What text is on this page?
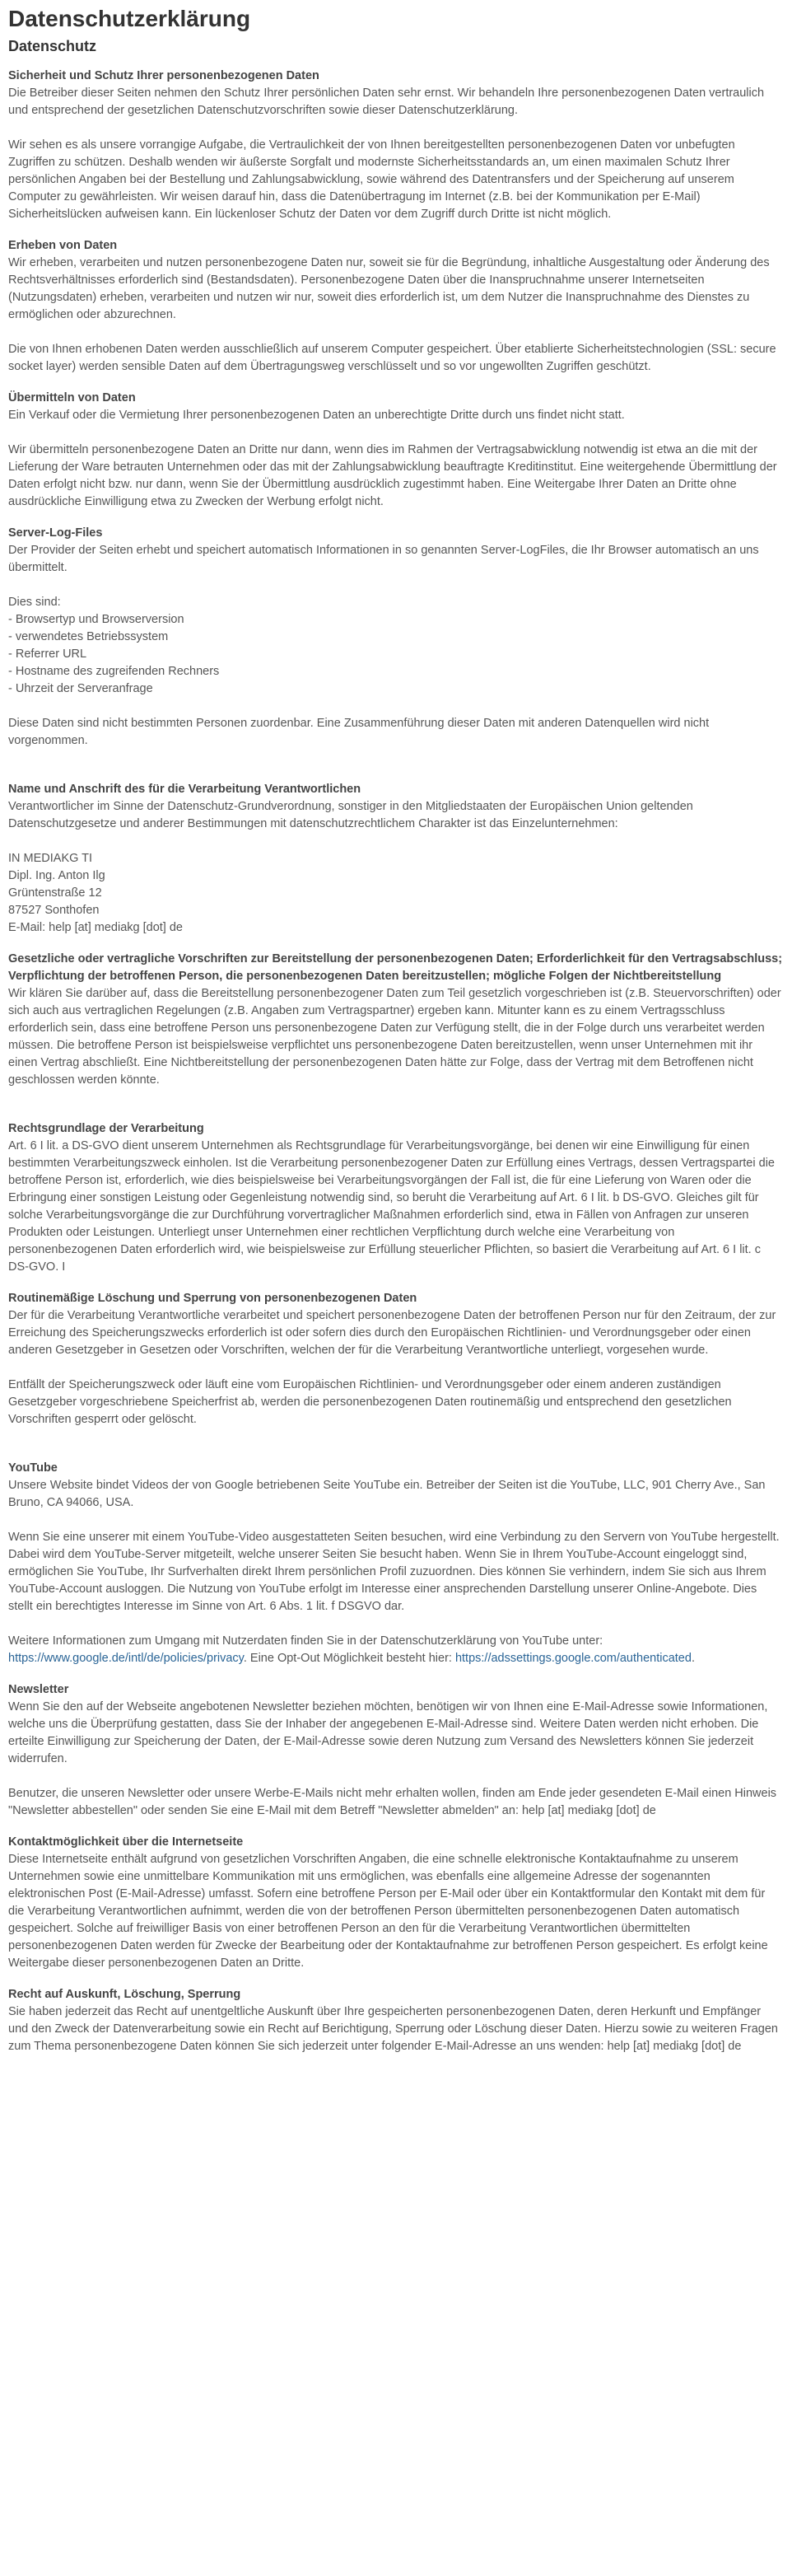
Datenschutzerklärung
Datenschutz
Sicherheit und Schutz Ihrer personenbezogenen Daten

Die Betreiber dieser Seiten nehmen den Schutz Ihrer persönlichen Daten sehr ernst. Wir behandeln Ihre personenbezogenen Daten vertraulich und entsprechend der gesetzlichen Datenschutzvorschriften sowie dieser Datenschutzerklärung.

Wir sehen es als unsere vorrangige Aufgabe, die Vertraulichkeit der von Ihnen bereitgestellten personenbezogenen Daten vor unbefugten Zugriffen zu schützen. Deshalb wenden wir äußerste Sorgfalt und modernste Sicherheitsstandards an, um einen maximalen Schutz Ihrer persönlichen Angaben bei der Bestellung und Zahlungsabwicklung, sowie während des Datentransfers und der Speicherung auf unserem Computer zu gewährleisten. Wir weisen darauf hin, dass die Datenübertragung im Internet (z.B. bei der Kommunikation per E-Mail) Sicherheitslücken aufweisen kann. Ein lückenloser Schutz der Daten vor dem Zugriff durch Dritte ist nicht möglich.

Erheben von Daten

Wir erheben, verarbeiten und nutzen personenbezogene Daten nur, soweit sie für die Begründung, inhaltliche Ausgestaltung oder Änderung des Rechtsverhältnisses erforderlich sind (Bestandsdaten). Personenbezogene Daten über die Inanspruchnahme unserer Internetseiten (Nutzungsdaten) erheben, verarbeiten und nutzen wir nur, soweit dies erforderlich ist, um dem Nutzer die Inanspruchnahme des Dienstes zu ermöglichen oder abzurechnen.

Die von Ihnen erhobenen Daten werden ausschließlich auf unserem Computer gespeichert. Über etablierte Sicherheitstechnologien (SSL: secure socket layer) werden sensible Daten auf dem Übertragungsweg verschlüsselt und so vor ungewollten Zugriffen geschützt.

Übermitteln von Daten

Ein Verkauf oder die Vermietung Ihrer personenbezogenen Daten an unberechtigte Dritte durch uns findet nicht statt.

Wir übermitteln personenbezogene Daten an Dritte nur dann, wenn dies im Rahmen der Vertragsabwicklung notwendig ist etwa an die mit der Lieferung der Ware betrauten Unternehmen oder das mit der Zahlungsabwicklung beauftragte Kreditinstitut. Eine weitergehende Übermittlung der Daten erfolgt nicht bzw. nur dann, wenn Sie der Übermittlung ausdrücklich zugestimmt haben. Eine Weitergabe Ihrer Daten an Dritte ohne ausdrückliche Einwilligung etwa zu Zwecken der Werbung erfolgt nicht.

Server-Log-Files

Der Provider der Seiten erhebt und speichert automatisch Informationen in so genannten Server-LogFiles, die Ihr Browser automatisch an uns übermittelt.

Dies sind:
- Browsertyp und Browserversion
- verwendetes Betriebssystem
- Referrer URL
- Hostname des zugreifenden Rechners
- Uhrzeit der Serveranfrage

Diese Daten sind nicht bestimmten Personen zuordenbar. Eine Zusammenführung dieser Daten mit anderen Datenquellen wird nicht vorgenommen.

Name und Anschrift des für die Verarbeitung Verantwortlichen

Verantwortlicher im Sinne der Datenschutz-Grundverordnung, sonstiger in den Mitgliedstaaten der Europäischen Union geltenden Datenschutzgesetze und anderer Bestimmungen mit datenschutzrechtlichem Charakter ist das Einzelunternehmen:

IN MEDIAKG TI
Dipl. Ing. Anton Ilg
Grüntenstraße 12
87527 Sonthofen
E-Mail: help [at] mediakg [dot] de

Gesetzliche oder vertragliche Vorschriften zur Bereitstellung der personenbezogenen Daten; Erforderlichkeit für den Vertragsabschluss; Verpflichtung der betroffenen Person, die personenbezogenen Daten bereitzustellen; mögliche Folgen der Nichtbereitstellung

Wir klären Sie darüber auf, dass die Bereitstellung personenbezogener Daten zum Teil gesetzlich vorgeschrieben ist (z.B. Steuervorschriften) oder sich auch aus vertraglichen Regelungen (z.B. Angaben zum Vertragspartner) ergeben kann. Mitunter kann es zu einem Vertragsschluss erforderlich sein, dass eine betroffene Person uns personenbezogene Daten zur Verfügung stellt, die in der Folge durch uns verarbeitet werden müssen. Die betroffene Person ist beispielsweise verpflichtet uns personenbezogene Daten bereitzustellen, wenn unser Unternehmen mit ihr einen Vertrag abschließt. Eine Nichtbereitstellung der personenbezogenen Daten hätte zur Folge, dass der Vertrag mit dem Betroffenen nicht geschlossen werden könnte.

Rechtsgrundlage der Verarbeitung

Art. 6 I lit. a DS-GVO dient unserem Unternehmen als Rechtsgrundlage für Verarbeitungsvorgänge, bei denen wir eine Einwilligung für einen bestimmten Verarbeitungszweck einholen. Ist die Verarbeitung personenbezogener Daten zur Erfüllung eines Vertrags, dessen Vertragspartei die betroffene Person ist, erforderlich, wie dies beispielsweise bei Verarbeitungsvorgängen der Fall ist, die für eine Lieferung von Waren oder die Erbringung einer sonstigen Leistung oder Gegenleistung notwendig sind, so beruht die Verarbeitung auf Art. 6 I lit. b DS-GVO. Gleiches gilt für solche Verarbeitungsvorgänge die zur Durchführung vorvertraglicher Maßnahmen erforderlich sind, etwa in Fällen von Anfragen zur unseren Produkten oder Leistungen. Unterliegt unser Unternehmen einer rechtlichen Verpflichtung durch welche eine Verarbeitung von personenbezogenen Daten erforderlich wird, wie beispielsweise zur Erfüllung steuerlicher Pflichten, so basiert die Verarbeitung auf Art. 6 I lit. c DS-GVO. I

Routinemäßige Löschung und Sperrung von personenbezogenen Daten

Der für die Verarbeitung Verantwortliche verarbeitet und speichert personenbezogene Daten der betroffenen Person nur für den Zeitraum, der zur Erreichung des Speicherungszwecks erforderlich ist oder sofern dies durch den Europäischen Richtlinien- und Verordnungsgeber oder einen anderen Gesetzgeber in Gesetzen oder Vorschriften, welchen der für die Verarbeitung Verantwortliche unterliegt, vorgesehen wurde.

Entfällt der Speicherungszweck oder läuft eine vom Europäischen Richtlinien- und Verordnungsgeber oder einem anderen zuständigen Gesetzgeber vorgeschriebene Speicherfrist ab, werden die personenbezogenen Daten routinemäßig und entsprechend den gesetzlichen Vorschriften gesperrt oder gelöscht.

YouTube

Unsere Website bindet Videos der von Google betriebenen Seite YouTube ein. Betreiber der Seiten ist die YouTube, LLC, 901 Cherry Ave., San Bruno, CA 94066, USA.

Wenn Sie eine unserer mit einem YouTube-Video ausgestatteten Seiten besuchen, wird eine Verbindung zu den Servern von YouTube hergestellt. Dabei wird dem YouTube-Server mitgeteilt, welche unserer Seiten Sie besucht haben. Wenn Sie in Ihrem YouTube-Account eingeloggt sind, ermöglichen Sie YouTube, Ihr Surfverhalten direkt Ihrem persönlichen Profil zuzuordnen. Dies können Sie verhindern, indem Sie sich aus Ihrem YouTube-Account ausloggen. Die Nutzung von YouTube erfolgt im Interesse einer ansprechenden Darstellung unserer Online-Angebote. Dies stellt ein berechtigtes Interesse im Sinne von Art. 6 Abs. 1 lit. f DSGVO dar.

Weitere Informationen zum Umgang mit Nutzerdaten finden Sie in der Datenschutzerklärung von YouTube unter:
https://www.google.de/intl/de/policies/privacy. Eine Opt-Out Möglichkeit besteht hier: https://adssettings.google.com/authenticated.

Newsletter

Wenn Sie den auf der Webseite angebotenen Newsletter beziehen möchten, benötigen wir von Ihnen eine E-Mail-Adresse sowie Informationen, welche uns die Überprüfung gestatten, dass Sie der Inhaber der angegebenen E-Mail-Adresse sind. Weitere Daten werden nicht erhoben. Die erteilte Einwilligung zur Speicherung der Daten, der E-Mail-Adresse sowie deren Nutzung zum Versand des Newsletters können Sie jederzeit widerrufen.

Benutzer, die unseren Newsletter oder unsere Werbe-E-Mails nicht mehr erhalten wollen, finden am Ende jeder gesendeten E-Mail einen Hinweis "Newsletter abbestellen" oder senden Sie eine E-Mail mit dem Betreff "Newsletter abmelden" an: help [at] mediakg [dot] de

Kontaktmöglichkeit über die Internetseite

Diese Internetseite enthält aufgrund von gesetzlichen Vorschriften Angaben, die eine schnelle elektronische Kontaktaufnahme zu unserem Unternehmen sowie eine unmittelbare Kommunikation mit uns ermöglichen, was ebenfalls eine allgemeine Adresse der sogenannten elektronischen Post (E-Mail-Adresse) umfasst. Sofern eine betroffene Person per E-Mail oder über ein Kontaktformular den Kontakt mit dem für die Verarbeitung Verantwortlichen aufnimmt, werden die von der betroffenen Person übermittelten personenbezogenen Daten automatisch gespeichert. Solche auf freiwilliger Basis von einer betroffenen Person an den für die Verarbeitung Verantwortlichen übermittelten personenbezogenen Daten werden für Zwecke der Bearbeitung oder der Kontaktaufnahme zur betroffenen Person gespeichert. Es erfolgt keine Weitergabe dieser personenbezogenen Daten an Dritte.

Recht auf Auskunft, Löschung, Sperrung

Sie haben jederzeit das Recht auf unentgeltliche Auskunft über Ihre gespeicherten personenbezogenen Daten, deren Herkunft und Empfänger und den Zweck der Datenverarbeitung sowie ein Recht auf Berichtigung, Sperrung oder Löschung dieser Daten. Hierzu sowie zu weiteren Fragen zum Thema personenbezogene Daten können Sie sich jederzeit unter folgender E-Mail-Adresse an uns wenden: help [at] mediakg [dot] de
